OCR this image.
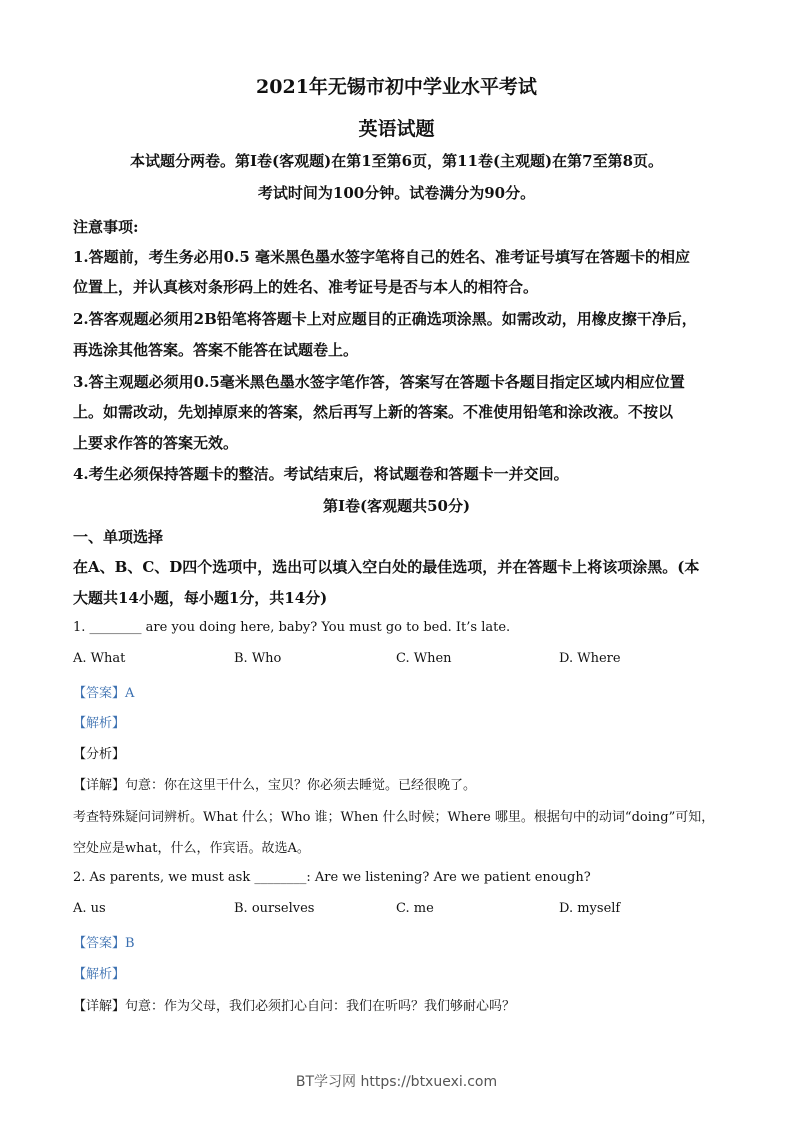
2021年无锡市初中学业水平考试
英语试题
本试题分两卷。第I卷(客观题)在第1至第6页，第11卷(主观题)在第7至第8页。
考试时间为100分钟。试卷满分为90分。
注意事项:
1.答题前，考生务必用0.5 毫米黑色墨水签字笔将自己的姓名、准考证号填写在答题卡的相应
位置上，并认真核对条形码上的姓名、准考证号是否与本人的相符合。
2.答客观题必须用2B铅笔将答题卡上对应题目的正确选项涂黑。如需改动，用橡皮擦干净后，
再选涂其他答案。答案不能答在试题卷上。
3.答主观题必须用0.5毫米黑色墨水签字笔作答，答案写在答题卡各题目指定区域内相应位置
上。如需改动，先划掉原来的答案，然后再写上新的答案。不准使用铅笔和涂改液。不按以
上要求作答的答案无效。
4.考生必须保持答题卡的整洁。考试结束后，将试题卷和答题卡一并交回。
第I卷(客观题共50分)
一、单项选择
在A、B、C、D四个选项中，选出可以填入空白处的最佳选项，并在答题卡上将该项涂黑。(本
大题共14小题，每小题1分，共14分)
1. ________ are you doing here, baby? You must go to bed. It’s late.
A. What	B. Who	C. When	D. Where
【答案】A
【解析】
【分析】
【详解】句意：你在这里干什么，宝贝？你必须去睡觉。已经很晚了。
考查特殊疑问词辨析。What 什么；Who 谁；When 什么时候；Where 哪里。根据句中的动词“doing”可知，
空处应是what，什么，作宾语。故选A。
2. As parents, we must ask ________: Are we listening? Are we patient enough?
A. us	B. ourselves	C. me	D. myself
【答案】B
【解析】
【详解】句意：作为父母，我们必须扪心自问：我们在听吗？我们够耐心吗？
BT学习网 https://btxuexi.com
